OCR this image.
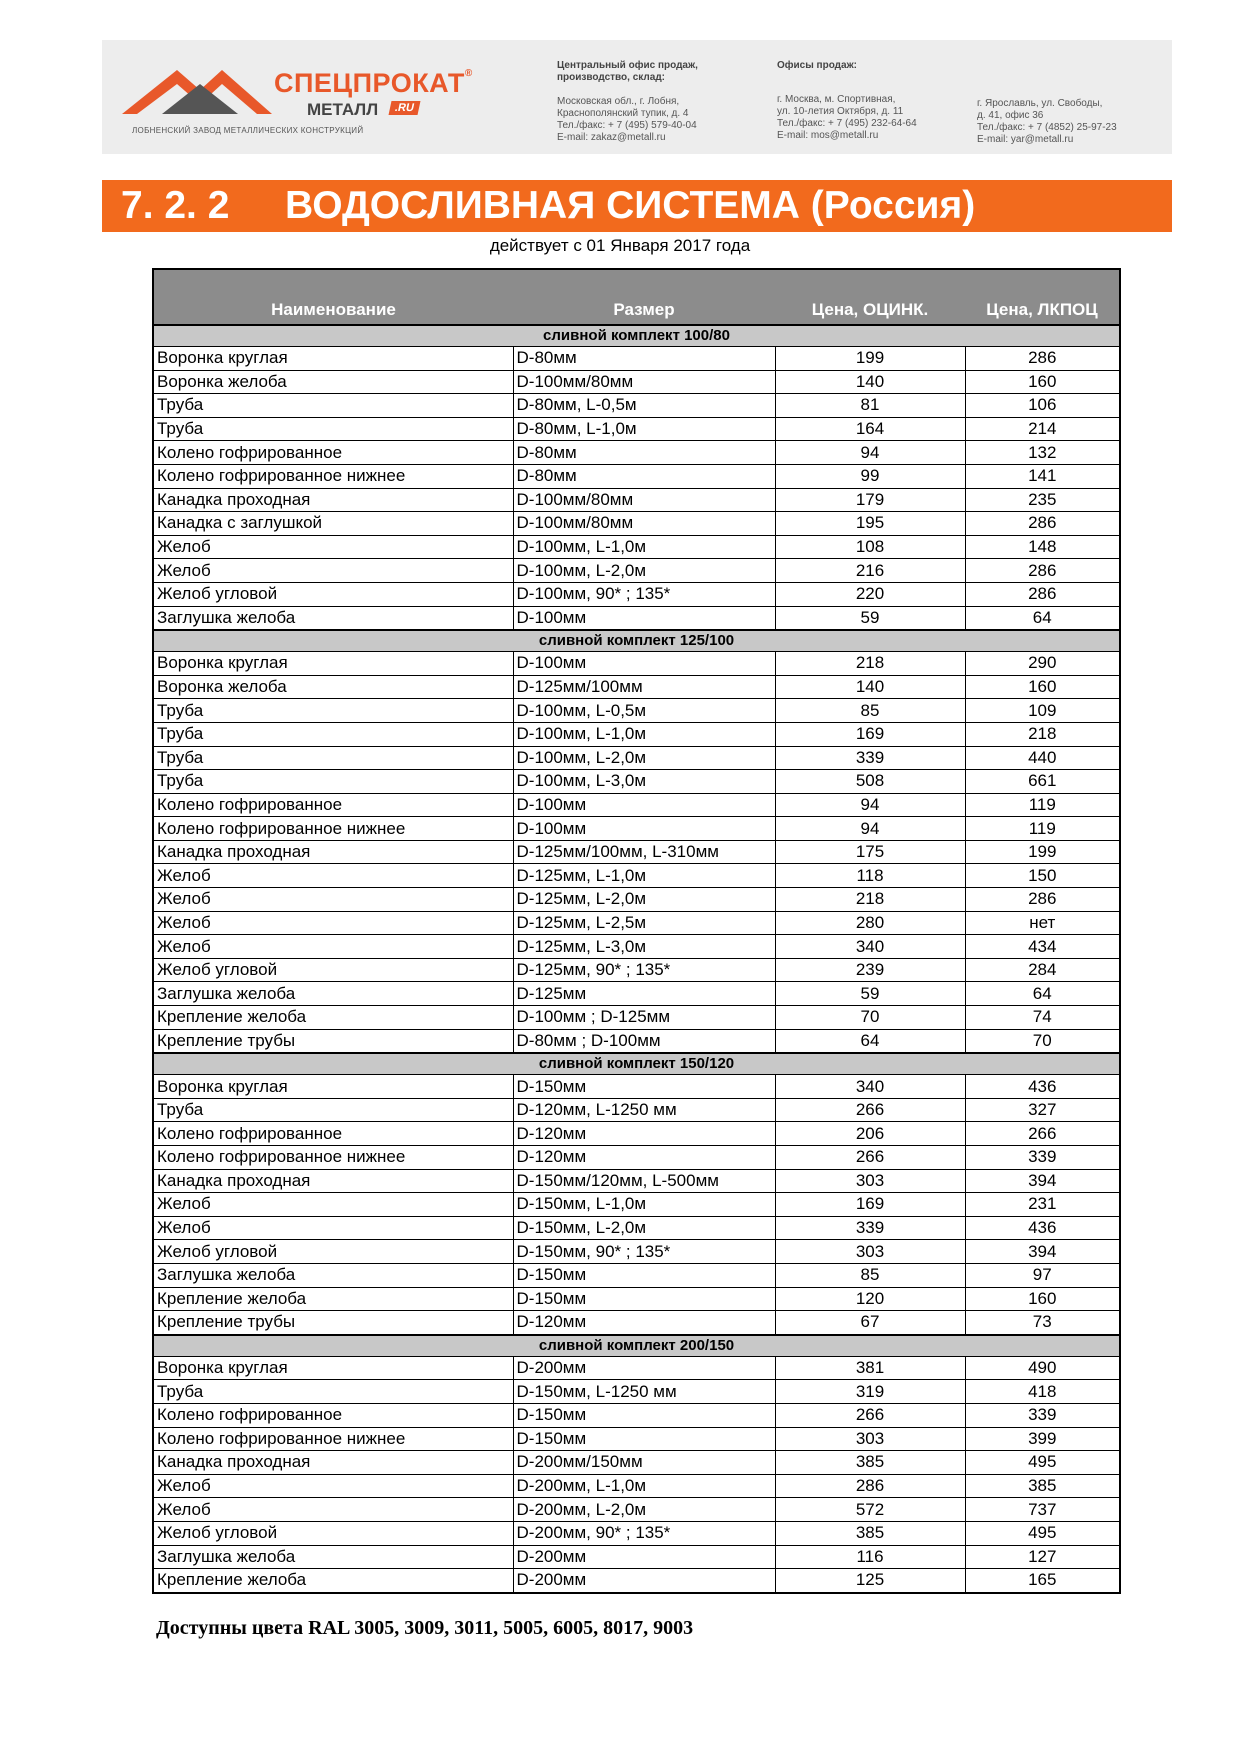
СПЕЦПРОКАТ®
МЕТАЛЛ	.RU
ЛОБНЕНСКИЙ ЗАВОД МЕТАЛЛИЧЕСКИХ КОНСТРУКЦИЙ
Центральный офис продаж, производство, склад:
Московская обл., г. Лобня,
Краснополянский тупик, д. 4
Тел./факс: + 7 (495) 579-40-04
E-mail: zakaz@metall.ru
Офисы продаж:
г. Москва, м. Спортивная,
ул. 10-летия Октября, д. 11
Тел./факс: + 7 (495) 232-64-64
E-mail: mos@metall.ru
г. Ярославль, ул. Свободы,
д. 41, офис 36
Тел./факс: + 7 (4852) 25-97-23
E-mail: yar@metall.ru
7. 2. 2 ВОДОСЛИВНАЯ СИСТЕМА (Россия)
действует с 01 Января 2017 года
Наименование	Размер	Цена, ОЦИНК.	Цена, ЛКПОЦ
сливной комплект 100/80			
Воронка круглая	D-80мм	199	286
Воронка желоба	D-100мм/80мм	140	160
Труба	D-80мм, L-0,5м	81	106
Труба	D-80мм, L-1,0м	164	214
Колено гофрированное	D-80мм	94	132
Колено гофрированное нижнее	D-80мм	99	141
Канадка проходная	D-100мм/80мм	179	235
Канадка с заглушкой	D-100мм/80мм	195	286
Желоб	D-100мм, L-1,0м	108	148
Желоб	D-100мм, L-2,0м	216	286
Желоб угловой	D-100мм, 90* ; 135*	220	286
Заглушка желоба	D-100мм	59	64
сливной комплект 125/100			
Воронка круглая	D-100мм	218	290
Воронка желоба	D-125мм/100мм	140	160
Труба	D-100мм, L-0,5м	85	109
Труба	D-100мм, L-1,0м	169	218
Труба	D-100мм, L-2,0м	339	440
Труба	D-100мм, L-3,0м	508	661
Колено гофрированное	D-100мм	94	119
Колено гофрированное нижнее	D-100мм	94	119
Канадка проходная	D-125мм/100мм, L-310мм	175	199
Желоб	D-125мм, L-1,0м	118	150
Желоб	D-125мм, L-2,0м	218	286
Желоб	D-125мм, L-2,5м	280	нет
Желоб	D-125мм, L-3,0м	340	434
Желоб угловой	D-125мм, 90* ; 135*	239	284
Заглушка желоба	D-125мм	59	64
Крепление желоба	D-100мм ; D-125мм	70	74
Крепление трубы	D-80мм ; D-100мм	64	70
сливной комплект 150/120			
Воронка круглая	D-150мм	340	436
Труба	D-120мм, L-1250 мм	266	327
Колено гофрированное	D-120мм	206	266
Колено гофрированное нижнее	D-120мм	266	339
Канадка проходная	D-150мм/120мм, L-500мм	303	394
Желоб	D-150мм, L-1,0м	169	231
Желоб	D-150мм, L-2,0м	339	436
Желоб угловой	D-150мм, 90* ; 135*	303	394
Заглушка желоба	D-150мм	85	97
Крепление желоба	D-150мм	120	160
Крепление трубы	D-120мм	67	73
сливной комплект 200/150			
Воронка круглая	D-200мм	381	490
Труба	D-150мм, L-1250 мм	319	418
Колено гофрированное	D-150мм	266	339
Колено гофрированное нижнее	D-150мм	303	399
Канадка проходная	D-200мм/150мм	385	495
Желоб	D-200мм, L-1,0м	286	385
Желоб	D-200мм, L-2,0м	572	737
Желоб угловой	D-200мм, 90* ; 135*	385	495
Заглушка желоба	D-200мм	116	127
Крепление желоба	D-200мм	125	165
Доступны цвета RAL 3005, 3009, 3011, 5005, 6005, 8017, 9003
